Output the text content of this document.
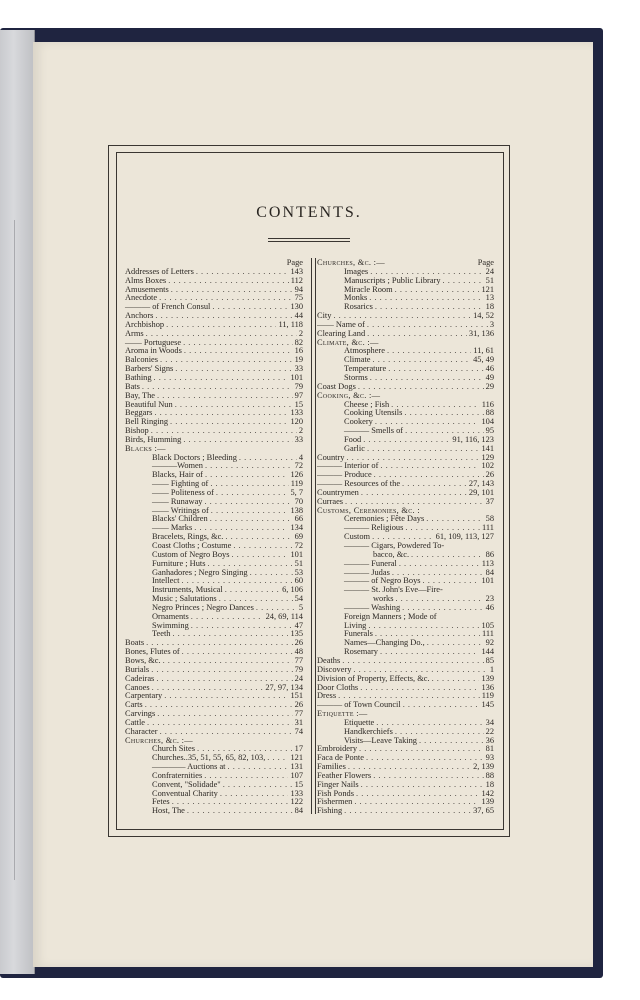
CONTENTS.
Page
Addresses of Letters . . .	143
Alms Boxes . . .	112
Amusements . . .	94
Anecdote . . .	75
——— of French Consul . . .	130
Anchors . . .	44
Archbishop . . .	11, 118
Arms . . .	2
—— Portuguese . . .	82
Aroma in Woods . . .	16
Balconies . . .	19
Barbers' Signs . . .	33
Bathing . . .	101
Bats . . .	79
Bay, The . . .	97
Beautiful Nun . . .	15
Beggars . . .	133
Bell Ringing . . .	120
Bishop . . .	2
Birds, Humming . . .	33
Blacks :—
Black Doctors ; Bleeding . . .	4
———Women . . .	72
Blacks, Hair of . . .	126
—— Fighting of . . .	119
—— Politeness of . . .	5, 7
—— Runaway . . .	70
—— Writings of . . .	138
Blacks' Children . . .	66
—— Marks . . .	134
Bracelets, Rings, &c. . . .	69
Coast Cloths ; Costume . . .	72
Custom of Negro Boys . . .	101
Furniture ; Huts . . .	51
Ganhadores ; Negro Singing . . .	53
Intellect . . .	60
Instruments, Musical . . .	6, 106
Music ; Salutations . . .	54
Negro Princes ; Negro Dances . . .	5
Ornaments . . .	24, 69, 114
Swimming . . .	47
Teeth . . .	135
Boats . . .	26
Bones, Flutes of . . .	48
Bows, &c. . . .	77
Burials . . .	79
Cadeiras . . .	24
Canoes . . .	27, 97, 134
Carpentary . . .	151
Carts . . .	26
Carvings . . .	77
Cattle . . .	31
Character . . .	74
Churches, &c. :—
Church Sites . . .	17
Churches..35, 51, 55, 65, 82, 103, . . .	121
———— Auctions at . . .	131
Confraternities . . .	107
Convent, "Solidade" . . .	15
Conventual Charity . . .	133
Fetes . . .	122
Host, The . . .	84
Churches, &c. :—	Page
Images . . .	24
Manuscripts ; Public Library . . .	51
Miracle Room . . .	121
Monks . . .	13
Rosarics . . .	18
City . . .	14, 52
—— Name of . . .	3
Clearing Land . . .	31, 136
Climate, &c. :—
Atmosphere . . .	11, 61
Climate . . .	45, 49
Temperature . . .	46
Storms . . .	49
Coast Dogs . . .	29
Cooking, &c. :—
Cheese ; Fish . . .	116
Cooking Utensils . . .	88
Cookery . . .	104
——— Smells of . . .	95
Food . . .	91, 116, 123
Garlic . . .	141
Country . . .	129
——— Interior of . . .	102
——— Produce . . .	26
——— Resources of the . . .	27, 143
Countrymen . . .	29, 101
Curraes . . .	37
Customs, Ceremonies, &c. :
Ceremonies ; Fête Days . . .	58
——— Religious . . .	111
Custom . . .	61, 109, 113, 127
——— Cigars, Powdered To-
bacco, &c. . . .	86
——— Funeral . . .	113
——— Judas . . .	84
——— of Negro Boys . . .	101
——— St. John's Eve—Fire-
works . . .	23
——— Washing . . .	46
Foreign Manners ; Mode of
Living . . .	105
Funerals . . .	111
Names—Changing Do., . . .	92
Rosemary . . .	144
Deaths . . .	85
Discovery . . .	1
Division of Property, Effects, &c. . . .	139
Door Cloths . . .	136
Dress . . .	119
——— of Town Council . . .	145
Etiquette :—
Etiquette . . .	34
Handkerchiefs . . .	22
Visits—Leave Taking . . .	36
Embroidery . . .	81
Faca de Ponte . . .	93
Families . . .	2, 139
Feather Flowers . . .	88
Finger Nails . . .	18
Fish Ponds . . .	142
Fishermen . . .	139
Fishing . . .	37, 65
